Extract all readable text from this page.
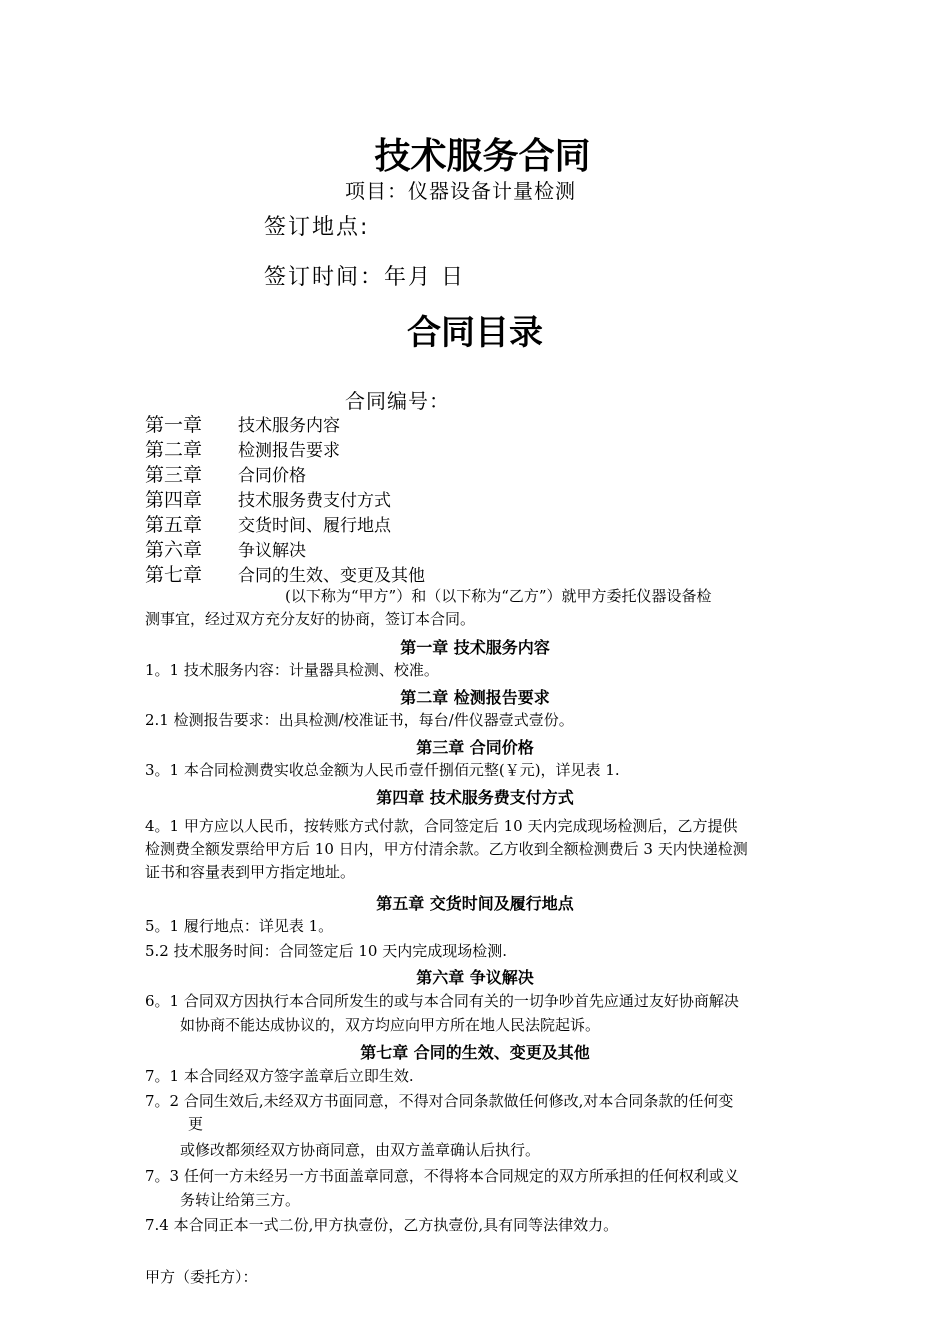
技术服务合同
项目：仪器设备计量检测
签订地点:
签订时间：年月 日
合同目录
合同编号：
第一章 技术服务内容
第二章 检测报告要求
第三章 合同价格
第四章 技术服务费支付方式
第五章 交货时间、履行地点
第六章 争议解决
第七章 合同的生效、变更及其他
(以下称为“甲方”）和（以下称为“乙方”）就甲方委托仪器设备检
测事宜，经过双方充分友好的协商，签订本合同。
第一章 技术服务内容
1。1 技术服务内容：计量器具检测、校准。
第二章 检测报告要求
2.1 检测报告要求：出具检测/校准证书，每台/件仪器壹式壹份。
第三章 合同价格
3。1 本合同检测费实收总金额为人民币壹仟捌佰元整(￥元)，详见表 1.
第四章 技术服务费支付方式
4。1 甲方应以人民币，按转账方式付款，合同签定后 10 天内完成现场检测后，乙方提供
检测费全额发票给甲方后 10 日内，甲方付清余款。乙方收到全额检测费后 3 天内快递检测
证书和容量表到甲方指定地址。
第五章 交货时间及履行地点
5。1 履行地点：详见表 1。
5.2 技术服务时间：合同签定后 10 天内完成现场检测.
第六章 争议解决
6。1 合同双方因执行本合同所发生的或与本合同有关的一切争吵首先应通过友好协商解决
如协商不能达成协议的，双方均应向甲方所在地人民法院起诉。
第七章 合同的生效、变更及其他
7。1 本合同经双方签字盖章后立即生效.
7。2 合同生效后,未经双方书面同意，不得对合同条款做任何修改,对本合同条款的任何变
更
或修改都须经双方协商同意，由双方盖章确认后执行。
7。3 任何一方未经另一方书面盖章同意，不得将本合同规定的双方所承担的任何权利或义
务转让给第三方。
7.4 本合同正本一式二份,甲方执壹份，乙方执壹份,具有同等法律效力。
甲方（委托方）：
